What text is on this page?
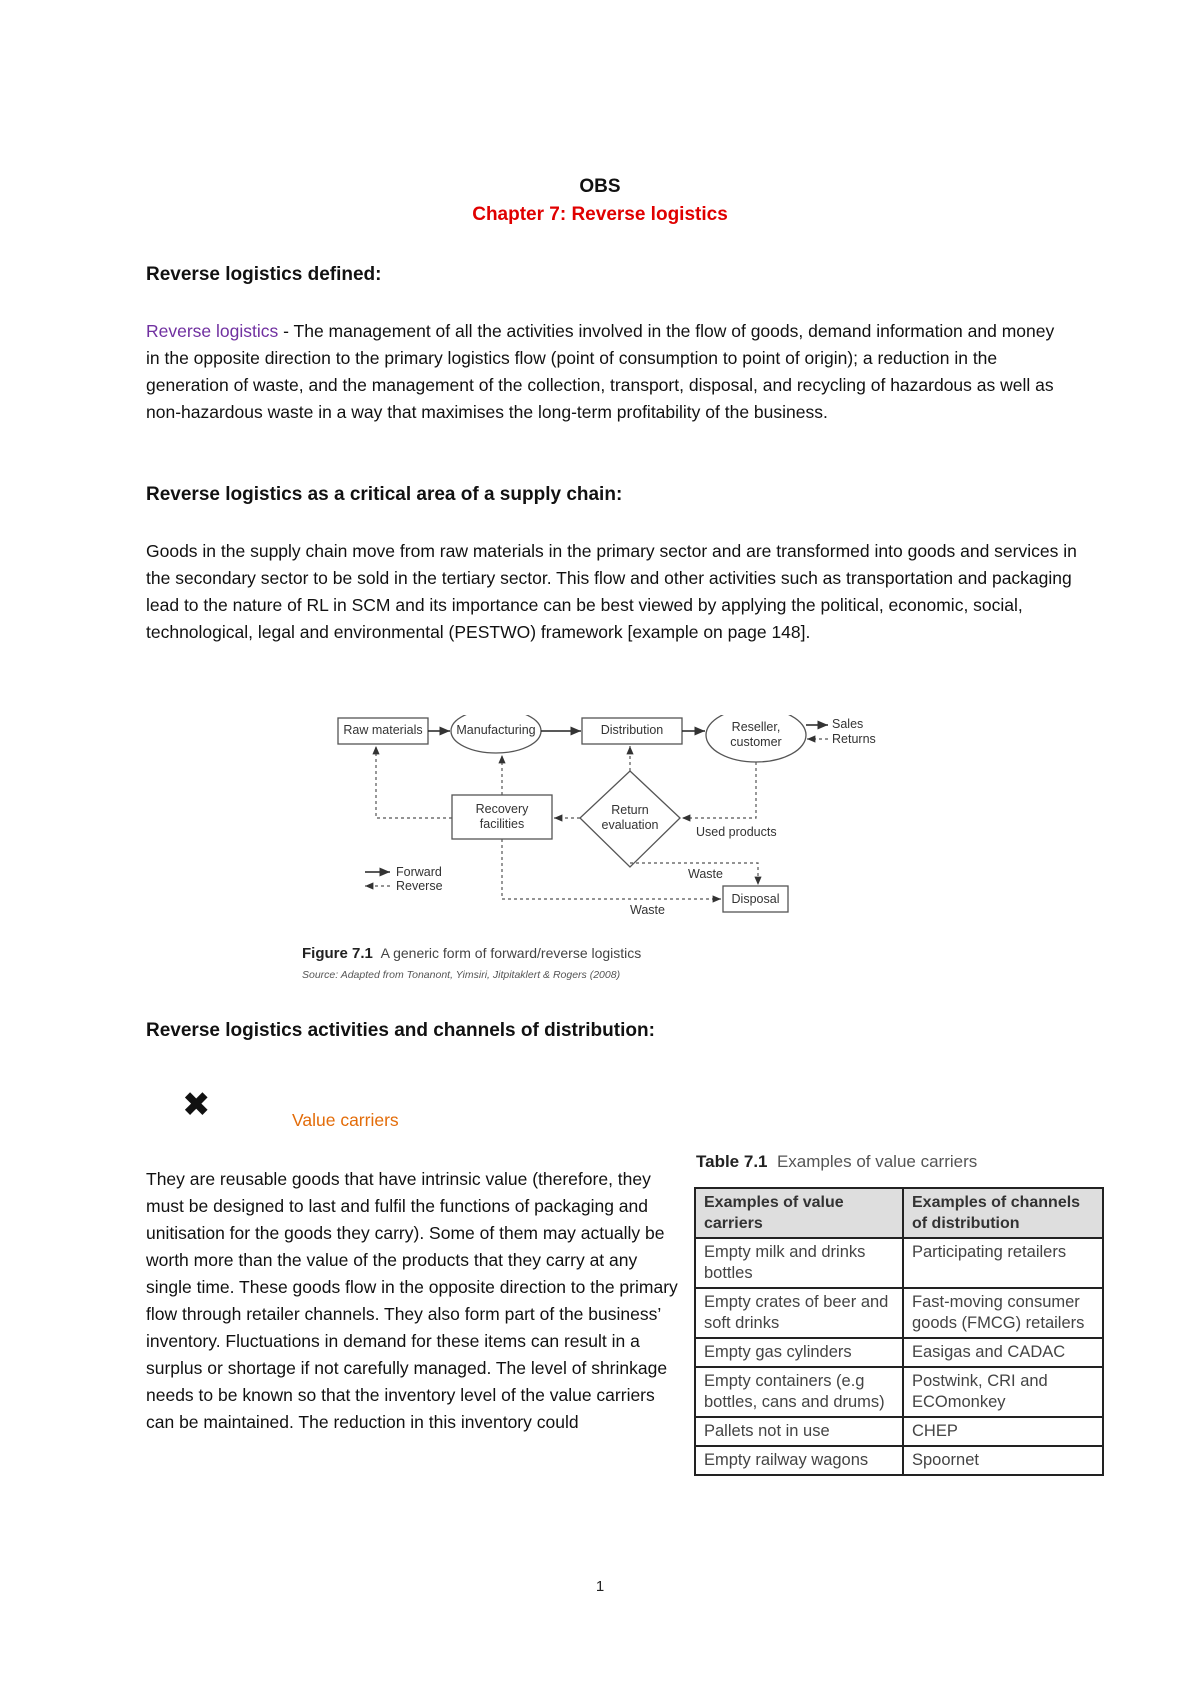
OBS
Chapter 7: Reverse logistics
Reverse logistics defined:

Reverse logistics - The management of all the activities involved in the flow of goods, demand information and money in the opposite direction to the primary logistics flow (point of consumption to point of origin); a reduction in the generation of waste, and the management of the collection, transport, disposal, and recycling of hazardous as well as non-hazardous waste in a way that maximises the long-term profitability of the business.

Reverse logistics as a critical area of a supply chain:

Goods in the supply chain move from raw materials in the primary sector and are transformed into goods and services in the secondary sector to be sold in the tertiary sector. This flow and other activities such as transportation and packaging lead to the nature of RL in SCM and its importance can be best viewed by applying the political, economic, social, technological, legal and environmental (PESTWO) framework [example on page 148].

Raw materials	Manufacturing	Distribution	Reseller, customer
Recovery facilities
Return evaluation
Disposal
Sales
Returns
Used products
Waste
Waste
Forward
Reverse
Figure 7.1 A generic form of forward/reverse logistics
Source: Adapted from Tonanont, Yimsiri, Jitpitaklert & Rogers (2008)
Reverse logistics activities and channels of distribution:
✖	Value carriers

They are reusable goods that have intrinsic value (therefore, they must be designed to last and fulfil the functions of packaging and unitisation for the goods they carry). Some of them may actually be worth more than the value of the products that they carry at any single time. These goods flow in the opposite direction to the primary flow through retailer channels. They also form part of the business’ inventory. Fluctuations in demand for these items can result in a surplus or shortage if not carefully managed. The level of shrinkage needs to be known so that the inventory level of the value carriers can be maintained. The reduction in this inventory could

Table 7.1 Examples of value carriers
Examples of value carriers	Examples of channels of distribution
Empty milk and drinks bottles	Participating retailers
Empty crates of beer and soft drinks	Fast-moving consumer goods (FMCG) retailers
Empty gas cylinders	Easigas and CADAC
Empty containers (e.g bottles, cans and drums)	Postwink, CRI and ECOmonkey
Pallets not in use	CHEP
Empty railway wagons	Spoornet
1
